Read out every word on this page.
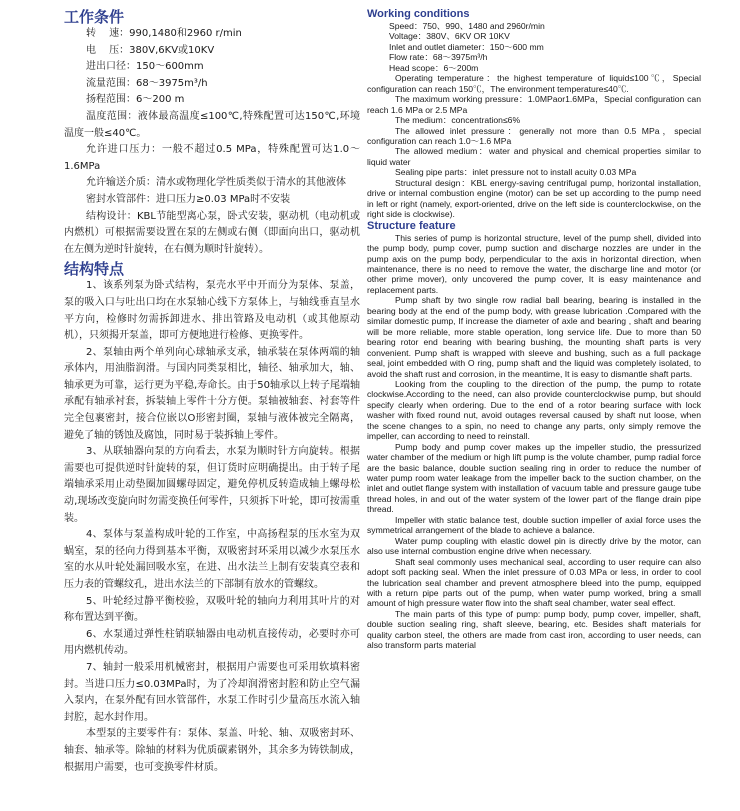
工作条件

转　 速：990,1480和2960 r/min

电　 压：380V,6KV或10KV

进出口径：150～600mm

流量范围：68～3975m³/h

扬程范围：6～200 m

温度范围：液体最高温度≤100℃,特殊配置可达150℃,环境温度一般≤40℃。

允许进口压力：一般不超过0.5 MPa，特殊配置可达1.0～1.6MPa

允许输送介质：清水或物理化学性质类似于清水的其他液体

密封水管部件：进口压力≥0.03 MPa时不安装

结构设计：KBL节能型离心泵，卧式安装，驱动机（电动机或内燃机）可根据需要设置在泵的左侧或右侧（即面向出口，驱动机在左侧为逆时针旋转，在右侧为顺时针旋转）。

结构特点

1、该系列泵为卧式结构，泵壳水平中开而分为泵体、泵盖，泵的吸入口与吐出口均在水泵轴心线下方泵体上，与轴线垂直呈水平方向，检修时勿需拆卸进水、排出管路及电动机（或其他原动机），只须揭开泵盖，即可方便地进行检修、更换零件。

2、泵轴由两个单列向心球轴承支承，轴承装在泵体两端的轴承体内，用油脂润滑。与国内同类泵相比，轴径、轴承加大，轴、轴承更为可靠，运行更为平稳,寿命长。由于50轴承以上转子尾端轴承配有轴承衬套，拆装轴上零件十分方便。泵轴被轴套、衬套等件完全包裹密封，接合位嵌以O形密封圈，泵轴与液体被完全隔离，避免了轴的锈蚀及腐蚀，同时易于装拆轴上零件。

3、从联轴器向泵的方向看去，水泵为顺时针方向旋转。根据需要也可提供逆时针旋转的泵，但订货时应明确提出。由于转子尾端轴承采用止动垫圈加圆螺母固定，避免停机反转造成轴上螺母松动,现场改变旋向时勿需变换任何零件，只须拆下叶轮，即可按需重装。

4、泵体与泵盖构成叶轮的工作室，中高扬程泵的压水室为双蜗室，泵的径向力得到基本平衡，双吸密封环采用以减少水泵压水室的水从叶轮处漏回吸水室，在进、出水法兰上制有安装真空表和压力表的管螺纹孔，进出水法兰的下部制有放水的管螺纹。

5、叶轮经过静平衡校验，双吸叶轮的轴向力利用其叶片的对称布置达到平衡。

6、水泵通过弹性柱销联轴器由电动机直接传动，必要时亦可用内燃机传动。

7、轴封一般采用机械密封，根据用户需要也可采用软填料密封。当进口压力≤0.03MPa时，为了冷却润滑密封腔和防止空气漏入泵内，在泵外配有回水管部件，水泵工作时引少量高压水流入轴封腔，起水封作用。

本型泵的主要零件有：泵体、泵盖、叶轮、轴、双吸密封环、轴套、轴承等。除轴的材料为优质碳素钢外，其余多为铸铁制成，根据用户需要，也可变换零件材质。

Working conditions

Speed：750、990、1480 and 2960r/min

Voltage：380V、6KV OR 10KV

Inlet and outlet diameter：150～600 mm

Flow rate：68～3975m³/h

Head scope：6～200m

Operating temperature：the highest temperature of liquid≤100℃，Special configuration can reach 150℃，The environment temperature≤40℃.

The maximum working pressure：1.0MPaor1.6MPa，Special configuration can reach 1.6 MPa or 2.5 MPa

The medium：concentration≤6%

The allowed inlet pressure：generally not more than 0.5 MPa，special configuration can reach 1.0～1.6 MPa

The allowed medium：water and physical and chemical properties similar to liquid water

Sealing pipe parts：inlet pressure not to install acuity 0.03 MPa

Structural design：KBL energy-saving centrifugal pump, horizontal installation, drive or internal combustion engine (motor) can be set up according to the pump need in left or right (namely, export-oriented, drive on the left side is counterclockwise, on the right side is clockwise).

Structure feature

This series of pump is horizontal structure, level of the pump shell, divided into the pump body, pump cover, pump suction and discharge nozzles are under in the pump axis on the pump body, perpendicular to the axis in horizontal direction, when maintenance, there is no need to remove the water, the discharge line and motor (or other prime mover), only uncovered the pump cover, It is easy maintenance and replacement parts.

Pump shaft by two single row radial ball bearing, bearing is installed in the bearing body at the end of the pump body, with grease lubrication .Compared with the similar domestic pump, If increase the diameter of axle and bearing , shaft and bearing will be more reliable, more stable operation, long service life. Due to more than 50 bearing rotor end bearing with bearing bushing, the mounting shaft parts is very convenient. Pump shaft is wrapped with sleeve and bushing, such as a full package seal, joint embedded with O ring, pump shaft and the liquid was completely isolated, to avoid the shaft rust and corrosion, in the meantime, It is easy to dismantle shaft parts.

Looking from the coupling to the direction of the pump, the pump to rotate clockwise.According to the need, can also provide counterclockwise pump, but should specify clearly when ordering. Due to the end of a rotor bearing surface with lock washer with fixed round nut, avoid outages reversal caused by shaft nut loose, when the scene changes to a spin, no need to change any parts, only simply remove the impeller, can according to need to reinstall.

Pump body and pump cover makes up the impeller studio, the pressurized water chamber of the medium or high lift pump is the volute chamber, pump radial force are the basic balance, double suction sealing ring in order to reduce the number of water pump room water leakage from the impeller back to the suction chamber, on the inlet and outlet flange system with installation of vacuum table and pressure gauge tube thread holes, in and out of the water system of the lower part of the flange drain pipe thread.

Impeller with static balance test, double suction impeller of axial force uses the symmetrical arrangement of the blade to achieve a balance.

Water pump coupling with elastic dowel pin is directly drive by the motor, can also use internal combustion engine drive when necessary.

Shaft seal commonly uses mechanical seal, according to user require can also adopt soft packing seal. When the inlet pressure of 0.03 MPa or less, in order to cool the lubrication seal chamber and prevent atmosphere bleed into the pump, equipped with a return pipe parts out of the pump, when water pump worked, bring a small amount of high pressure water flow into the shaft seal chamber, water seal effect.

The main parts of this type of pump: pump body, pump cover, impeller, shaft, double suction sealing ring, shaft sleeve, bearing, etc. Besides shaft materials for quality carbon steel, the others are made from cast iron, according to user needs, can also transform parts material
